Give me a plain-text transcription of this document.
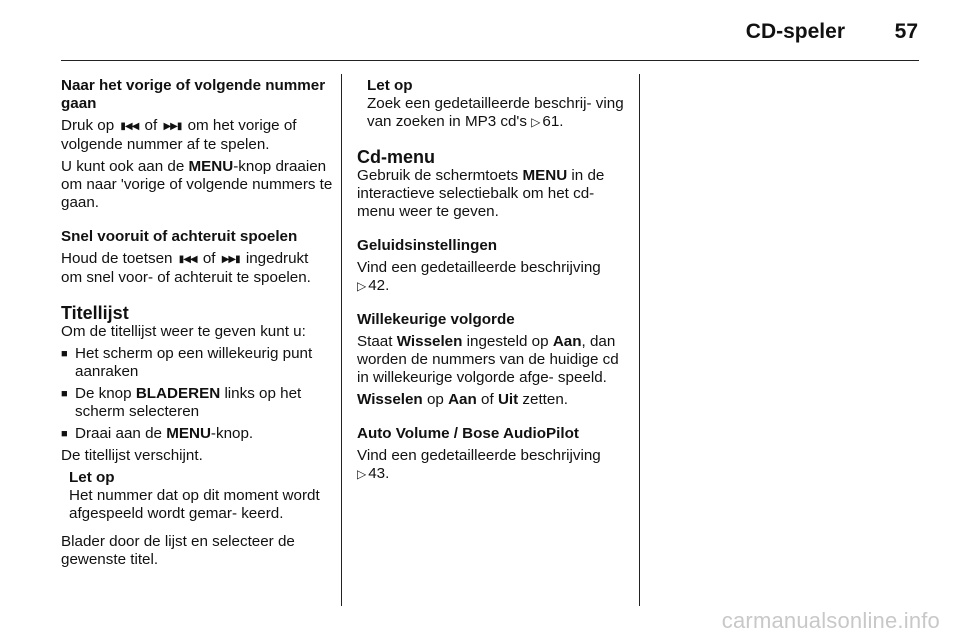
CD-speler	57
Naar het vorige of volgende nummer gaan
Druk op ▮◀◀ of ▶▶▮ om het vorige of volgende nummer af te spelen.
U kunt ook aan de MENU-knop draaien om naar 'vorige of volgende nummers te gaan.
Snel vooruit of achteruit spoelen
Houd de toetsen ▮◀◀ of ▶▶▮ ingedrukt om snel voor- of achteruit te spoelen.
Titellijst
Om de titellijst weer te geven kunt u:
■ Het scherm op een willekeurig punt aanraken
■ De knop BLADEREN links op het scherm selecteren
■ Draai aan de MENU-knop.
De titellijst verschijnt.
Let op
Het nummer dat op dit moment wordt afgespeeld wordt gemar- keerd.
Blader door de lijst en selecteer de gewenste titel.
Let op
Zoek een gedetailleerde beschrij- ving van zoeken in MP3 cd's ▷ 61.
Cd-menu
Gebruik de schermtoets MENU in de interactieve selectiebalk om het cd- menu weer te geven.
Geluidsinstellingen
Vind een gedetailleerde beschrijving
▷ 42.
Willekeurige volgorde
Staat Wisselen ingesteld op Aan, dan worden de nummers van de huidige cd in willekeurige volgorde afge- speeld.
Wisselen op Aan of Uit zetten.
Auto Volume / Bose AudioPilot
Vind een gedetailleerde beschrijving
▷ 43.
carmanualsonline.info
